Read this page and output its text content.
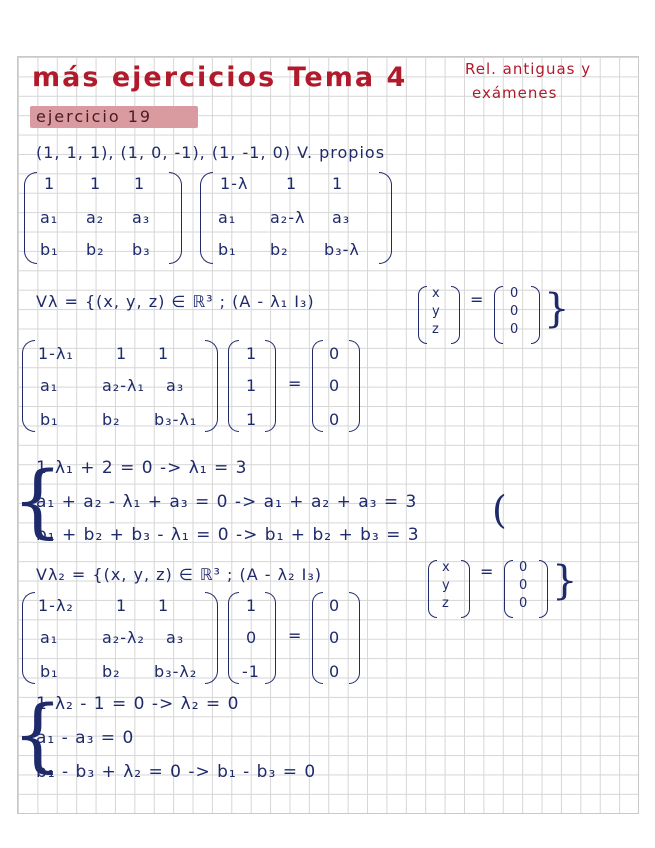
más ejercicios Tema 4	Rel. antiguas y
exámenes
ejercicio 19
(1, 1, 1), (1, 0, -1), (1, -1, 0) V. propios
1 1 1
a₁ a₂ a₃
b₁ b₂ b₃
1-λ 1 1
a₁ a₂-λ a₃
b₁ b₂ b₃-λ
Vλ = {(x, y, z) ∈ ℝ³ ; (A - λ₁ I₃)	x
y
z
= 0
0
0 }
1-λ₁	1 1
a₁	a₂-λ₁ a₃
b₁	b₂ b₃-λ₁
1
1
1
=
0
0
0
{
1-λ₁ + 2 = 0 -> λ₁ = 3
a₁ + a₂ - λ₁ + a₃ = 0 -> a₁ + a₂ + a₃ = 3
b₁ + b₂ + b₃ - λ₁ = 0 -> b₁ + b₂ + b₃ = 3
(
Vλ₂ = {(x, y, z) ∈ ℝ³ ; (A - λ₂ I₃)	x
y
z
= 0
0
0 }
1-λ₂	1 1
a₁	a₂-λ₂ a₃
b₁	b₂ b₃-λ₂
1
0
-1
=
0
0
0
{
1-λ₂ - 1 = 0 -> λ₂ = 0
a₁ - a₃ = 0
b₁ - b₃ + λ₂ = 0 -> b₁ - b₃ = 0
